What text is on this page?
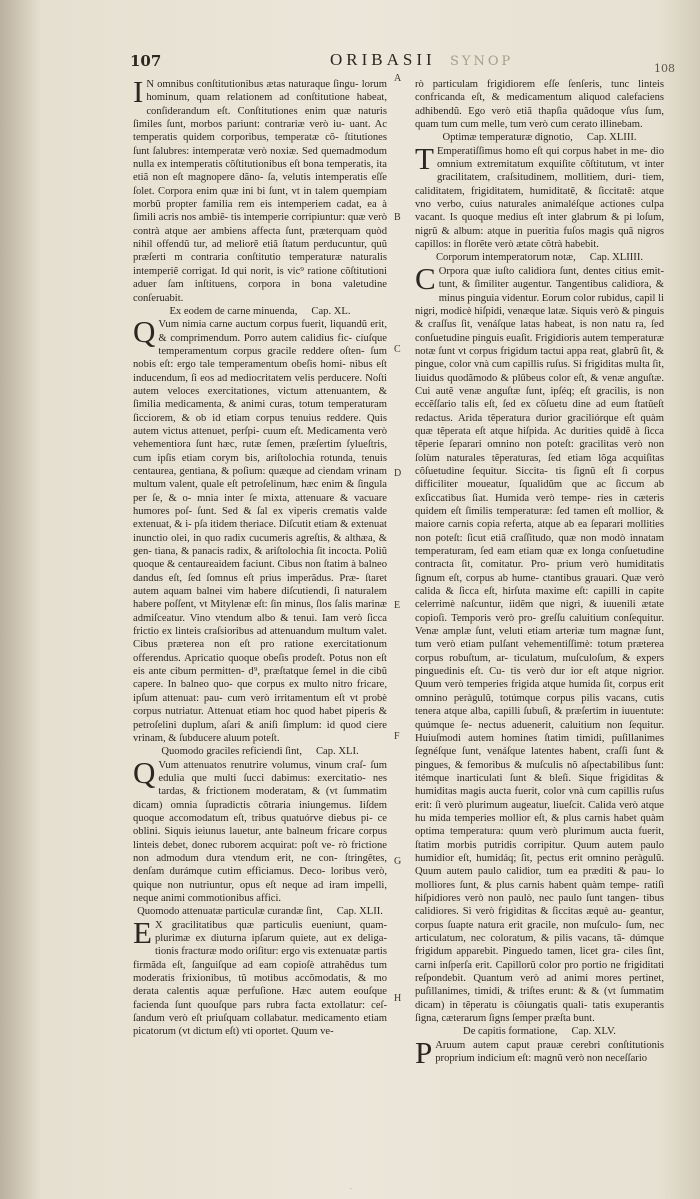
107	ORIBASII SYNOP	108

I N omnibus conſtitutionibus ætas naturaque ſingu- lorum hominum, quam relationem ad conſtitutione habeat, conſiderandum eſt. Conſtitutiones enim quæ naturis ſimiles ſunt, morbos pariunt: contrariæ verò iu- uant. Ac temperatis quidem corporibus, temperatæ cõ- ſtitutiones ſunt ſalubres: intemperatæ verò noxiæ. Sed quemadmodum nulla ex intemperatis cõſtitutionibus eſt bona temperatis, ita etiã non eſt magnopere dãno- ſa, velutis intemperatis eſſe ſolet. Corpora enim quæ ini bi ſunt, vt in talem quempiam morbũ propter familia rem eis intemperiem cadat, ea à ſimili acris nos ambiẽ- tis intemperie corripiuntur: quæ verò contrà atque aer ambiens affecta ſunt, præterquam quòd nihil offendũ tur, ad meliorẽ etiã ſtatum perducuntur, quũ præſerti m contraria conſtitutio temperaturæ naturalis intemperiẽ corrigat. Id qui norit, is vic⁹ ratione cõſtitutioni aduer ſam inſtituens, corpora in bona valetudine conſeruabit.

Ex eodem de carne minuenda, Cap. XL.

Q Vum nimia carne auctum corpus fuerit, liquandũ erit, & comprimendum. Porro autem calidius fic- cíuſque temperamentum corpus gracile reddere oſten- ſum nobis eſt: ergo tale temperamentum obeſis homi- nibus eſt inducendum, ſi eos ad mediocritatem velis perducere. Noſti autem veloces exercitationes, victum attenuantem, & ſimilia medicamenta, & animi curas, totum temperaturam ſicciorem, & ob id etiam corpus tenuius reddere. Quis autem victus attenuet, perſpi- cuum eſt. Medicamenta verò vehementiora ſunt hæc, rutæ ſemen, præſertim ſylueſtris, cum ipſis etiam corym bis, ariſtolochia rotunda, tenuis centaurea, gentiana, & poſium: quæque ad ciendam vrinam multum valent, quale eſt petroſelinum, hæc enim & ſingula per ſe, & o- mnia inter ſe mixta, attenuare & vacuare humores poſ- ſunt. Sed & ſal ex viperis crematis valde extenuat, & i- pſa itidem theriace. Diſcutit etiam & extenuat inunctio olei, in quo radix cucumeris agreſtis, & althæa, & gen- tiana, & panacis radix, & ariſtolochia ſit incocta. Poliũ quoque & centaureaidem faciunt. Cibus non ſtatim à balneo dandus eſt, ſed ſomnus eſt prius imperãdus. Præ- ſtaret autem aquam balnei vim habere diſcutiendi, ſi naturalem habere poſſent, vt Mitylenæ eſt: ſin minus, ſlos ſalis marinæ admiſceatur. Vino vtendum albo & tenui. Iam verò ſicca frictio ex linteis craſsioribus ad attenuandum multum valet. Cibus præterea non eſt pro ratione exercitationum offerendus. Apricatio quoque obeſis prodeſt. Potus non eſt eis ante cibum permitten- d⁹, præſtatque ſemel in die cibũ capere. In balneo quo- que corpus ex multo nitro fricare, ipſum attenuat: pau- cum verò irritamentum eſt vt probè corpus nutriatur. Attenuat etiam hoc quod habet piperis & petroſelini duplum, aſari & aniſi ſimplum: id quod ciere vrinam, & ſubducere aluum poteſt.

Quomodo graciles reficiendi ſint, Cap. XLI.

Q Vum attenuatos renutrire volumus, vinum craſ- ſum edulia que multi ſucci dabimus: exercitatio- nes tardas, & frictionem moderatam, & (vt ſummatim dicam) omnia ſupradictis cõtraria iniungemus. Iiſdem quoque accomodatum eſt, tribus quatuórve diebus pi- ce oblini. Siquis ieiunus lauetur, ante balneum fricare corpus linteis debet, donec ruborem acquirat: poſt ve- rò frictione non admodum dura vtendum erit, ne con- ſtringêtes, denſam durámque cutim efficiamus. Deco- loribus verò, quique non nutriuntur, opus eſt neque ad iram impelli, neque animi commotionibus affici.

Quomodo attenuatæ particulæ curandæ ſint, Cap. XLII.

E X gracilitatibus quæ particulis eueniunt, quam- plurimæ ex diuturna ipſarum quiete, aut ex deliga- tionis fracturæ modo oriſitur: ergo vis extenuatæ partis firmãda eſt, ſanguiſque ad eam copioſè attrahẽdus tum moderatis frixionibus, tũ motibus accõmodatis, & mo derata calentis aquæ perfuſione. Hæc autem eouſque facienda ſunt quouſque pars rubra facta extollatur: ceſ- ſandum verò eſt priuſquam collabatur. medicamento etiam picatorum (vt dictum eſt) vti oportet. Quum ve-

rò particulam frigidiorem eſſe ſenſeris, tunc linteis confricanda eſt, & medicamentum aliquod calefaciens adhibendũ. Ego verò etiã thapſia quãdoque vſus ſum, quam tum cum melle, tum verò cum cerato illinebam.

Optimæ temperaturæ dignotio, Cap. XLIII.

T Emperatiſſimus homo eſt qui corpus habet in me- dio omnium extremitatum exquiſite cõſtitutum, vt inter gracilitatem, craſsitudinem, mollitiem, duri- tiem, caliditatem, frigiditatem, humiditatẽ, & ſiccitatẽ: atque vno verbo, cuius naturales animaléſque actiones culpa vacant. Is quoque medius eſt inter glabrum & pi loſum, nigrũ & album: atque in pueritia fuſos magis quã nigros capillos: in florẽte verò ætate cõtrà habebit.

Corporum intemperatorum notæ, Cap. XLIIII.

C Orpora quæ iuſto calidiora ſunt, dentes citius emit- tunt, & ſimiliter augentur. Tangentibus calidiora, & minus pinguia videntur. Eorum color rubidus, capil li nigri, modicè hiſpidi, venæque latæ. Siquis verò & pinguis & craſſus ſit, venáſque latas habeat, is non natu ra, ſed conſuetudine pinguis euaſit. Frigidioris autem temperaturæ notæ ſunt vt corpus frigidum tactui appa reat, glabrũ ſit, & pingue, color vnà cum capillis ruſus. Si frigiditas multa ſit, liuidus quodãmodo & plũbeus color eſt, & venæ anguſtæ. Cui autẽ venæ anguſtæ ſunt, ipſéq; eſt gracilis, is non eccẽſſario talis eſt, ſed ex cõſuetu dine ad eum ſtatũeſt redactus. Arida tẽperatura durior graciliórque eſt quàm quæ tẽperata eſt atque hiſpida. Ac durities quidẽ à ſicca tẽperie ſeparari omnino non poteſt: gracilitas verò non ſolùm naturales tẽperaturas, ſed etiam lõga acquiſitas cõſuetudine ſequitur. Siccita- tis ſignũ eſt ſi corpus difficiliter moueatur, ſqualidũm que ac ſiccum ab exſiccatibus ſiat. Humida verò tempe- ries in cæteris quidem eſt ſimilis temperaturæ: ſed tamen eſt mollior, & maiore carnis copia referta, atque ab ea ſeparari mollities non poteſt: ſicut etiã craſſitudo, quæ non modò innatam temperaturam, ſed eam etiam quæ ex longa conſuetudine contracta ſit, comitatur. Pro- prium verò humiditatis ſignum eſt, corpus ab hume- ctantibus grauari. Quæ verò calida & ſicca eſt, hirſuta maxime eſt: capilli in capite celerrimè naſcuntur, iidẽm que nigri, & iuuenili ætate copioſi. Temporis verò pro- greſſu caluitium conſequitur. Venæ amplæ ſunt, veluti etiam arteriæ tum magnæ ſunt, tum verò etiam pulſant vehementiſſimè: totum præterea corpus robuſtum, ar- ticulatum, muſculoſum, & expers pinguedinis eſt. Cu- tis verò dur ior eſt atque nigrior. Quum verò temperies frigida atque humida ſit, corpus erit omnino peràgulũ, totúmque corpus pilis vacans, cutis tenera atque alba, capilli ſubuſi, & præſertim in iuuentute: quúmque ſe- nectus aduenerit, caluitium non ſequitur. Huiuſmodi autem homines ſtatim timidi, puſillanimes ſegnéſque ſunt, venáſque latentes habent, craſſi ſunt & pingues, & femoribus & muſculis nõ aſpectabilibus ſunt: itémque inarticulati ſunt & bleſi. Sique frigiditas & humiditas magis aucta fuerit, color vnà cum capillis ruſus erit: ſi verò plurimum augeatur, liueſcit. Calida verò atque hu mida temperies mollior eſt, & plus carnis habet quàm optima temperatura: quum verò plurimum aucta fuerit, ſtatim morbis putridis corripitur. Quum autem paulo humidior eſt, humidáq; ſit, pectus erit omnino peràgulũ. Quum autem paulo calidior, tum ea præditi & pau- lo molliores ſunt, & plus carnis habent quàm tempe- ratiſi hiſpidiores verò non paulò, nec paulo ſunt tangen- tibus calidiores. Si verò frigiditas & ſiccitas æquè au- geantur, corpus ſuapte natura erit gracile, non muſculo- ſum, nec articulatum, nec coloratum, & pilis vacans, tã- dúmque frigidum apparebit. Pinguedo tamen, licet gra- ciles ſint, carni inſperſa erit. Capillorũ color pro portio ne frigiditati reſpondebit. Quantum verò ad animi mores pertinet, puſillanimes, timidi, & triſtes erunt: & & (vt ſummatim dicam) in tẽperatu is cõiungatis quali- tatis exuperantis ſigna, cæterarum ſigns ſemper præſta bunt.

De capitis formatione, Cap. XLV.

P Aruum autem caput prauæ cerebri conſtitutionis proprium indicium eſt: magnũ verò non neceſſario

A
B
C
D
E
F
G
H
·
